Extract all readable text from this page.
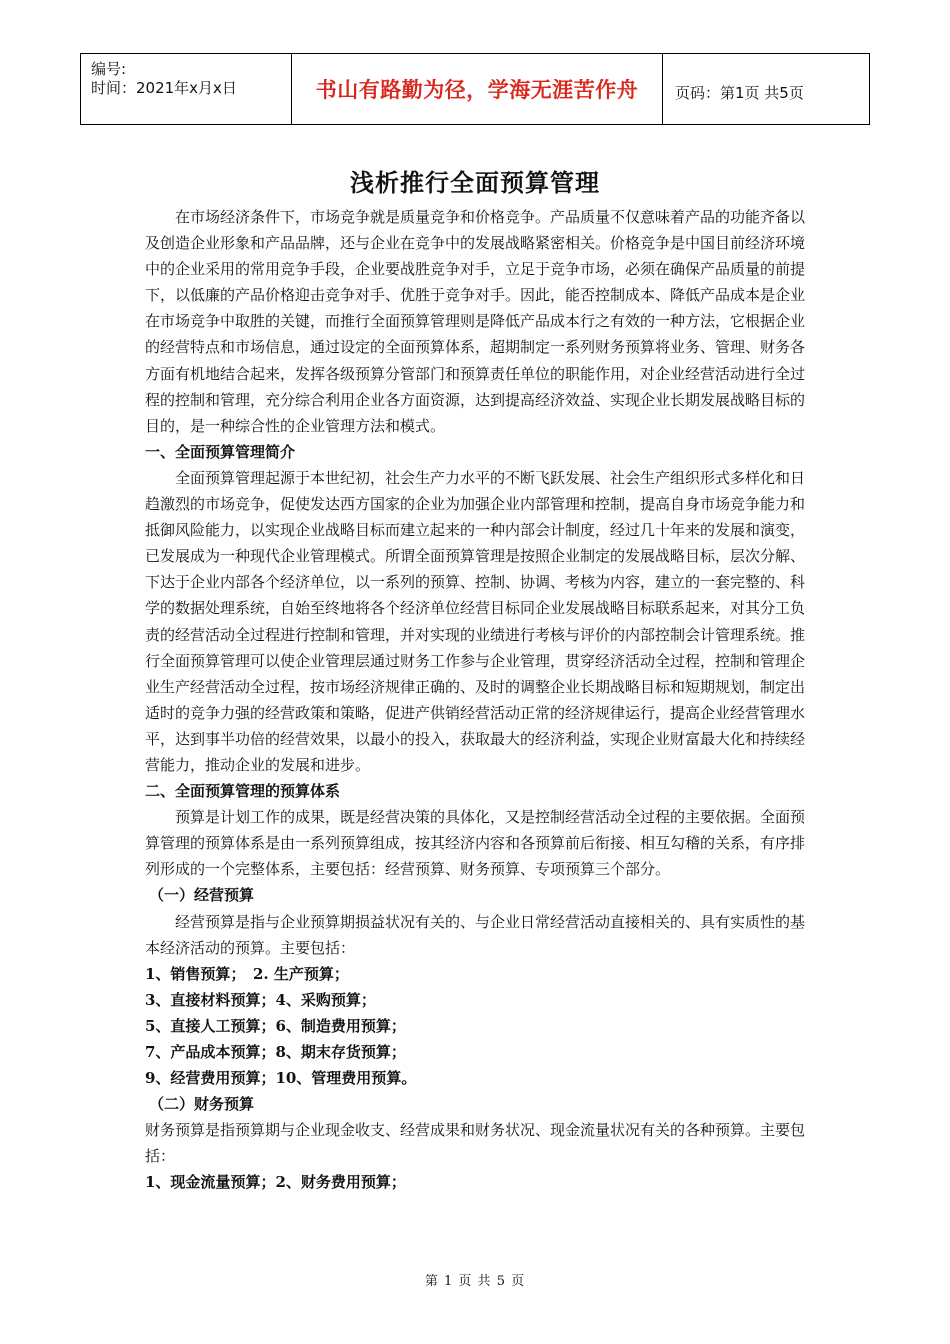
编号:
时间：2021年x月x日	书山有路勤为径，学海无涯苦作舟	页码：第1页 共5页
浅析推行全面预算管理

在市场经济条件下，市场竞争就是质量竞争和价格竞争。产品质量不仅意味着产品的功能齐备以及创造企业形象和产品品牌，还与企业在竞争中的发展战略紧密相关。价格竞争是中国目前经济环境中的企业采用的常用竞争手段，企业要战胜竞争对手，立足于竞争市场，必须在确保产品质量的前提下，以低廉的产品价格迎击竞争对手、优胜于竞争对手。因此，能否控制成本、降低产品成本是企业在市场竞争中取胜的关键，而推行全面预算管理则是降低产品成本行之有效的一种方法，它根据企业的经营特点和市场信息，通过设定的全面预算体系，超期制定一系列财务预算将业务、管理、财务各方面有机地结合起来，发挥各级预算分管部门和预算责任单位的职能作用，对企业经营活动进行全过程的控制和管理，充分综合利用企业各方面资源，达到提高经济效益、实现企业长期发展战略目标的目的，是一种综合性的企业管理方法和模式。

一、全面预算管理简介

全面预算管理起源于本世纪初，社会生产力水平的不断飞跃发展、社会生产组织形式多样化和日趋激烈的市场竞争，促使发达西方国家的企业为加强企业内部管理和控制，提高自身市场竞争能力和抵御风险能力，以实现企业战略目标而建立起来的一种内部会计制度，经过几十年来的发展和演变，已发展成为一种现代企业管理模式。所谓全面预算管理是按照企业制定的发展战略目标，层次分解、下达于企业内部各个经济单位，以一系列的预算、控制、协调、考核为内容，建立的一套完整的、科学的数据处理系统，自始至终地将各个经济单位经营目标同企业发展战略目标联系起来，对其分工负责的经营活动全过程进行控制和管理，并对实现的业绩进行考核与评价的内部控制会计管理系统。推行全面预算管理可以使企业管理层通过财务工作参与企业管理，贯穿经济活动全过程，控制和管理企业生产经营活动全过程，按市场经济规律正确的、及时的调整企业长期战略目标和短期规划，制定出适时的竞争力强的经营政策和策略，促进产供销经营活动正常的经济规律运行，提高企业经营管理水平，达到事半功倍的经营效果，以最小的投入，获取最大的经济利益，实现企业财富最大化和持续经营能力，推动企业的发展和进步。

二、全面预算管理的预算体系

预算是计划工作的成果，既是经营决策的具体化，又是控制经营活动全过程的主要依据。全面预算管理的预算体系是由一系列预算组成，按其经济内容和各预算前后衔接、相互勾稽的关系，有序排列形成的一个完整体系，主要包括：经营预算、财务预算、专项预算三个部分。

（一）经营预算

经营预算是指与企业预算期损益状况有关的、与企业日常经营活动直接相关的、具有实质性的基本经济活动的预算。主要包括：

1、销售预算；　2. 生产预算；

3、直接材料预算；4、采购预算；

5、直接人工预算；6、制造费用预算；

7、产品成本预算；8、期末存货预算；

9、经营费用预算；10、管理费用预算。

（二）财务预算

财务预算是指预算期与企业现金收支、经营成果和财务状况、现金流量状况有关的各种预算。主要包括：

1、现金流量预算；2、财务费用预算；

第 1 页 共 5 页
